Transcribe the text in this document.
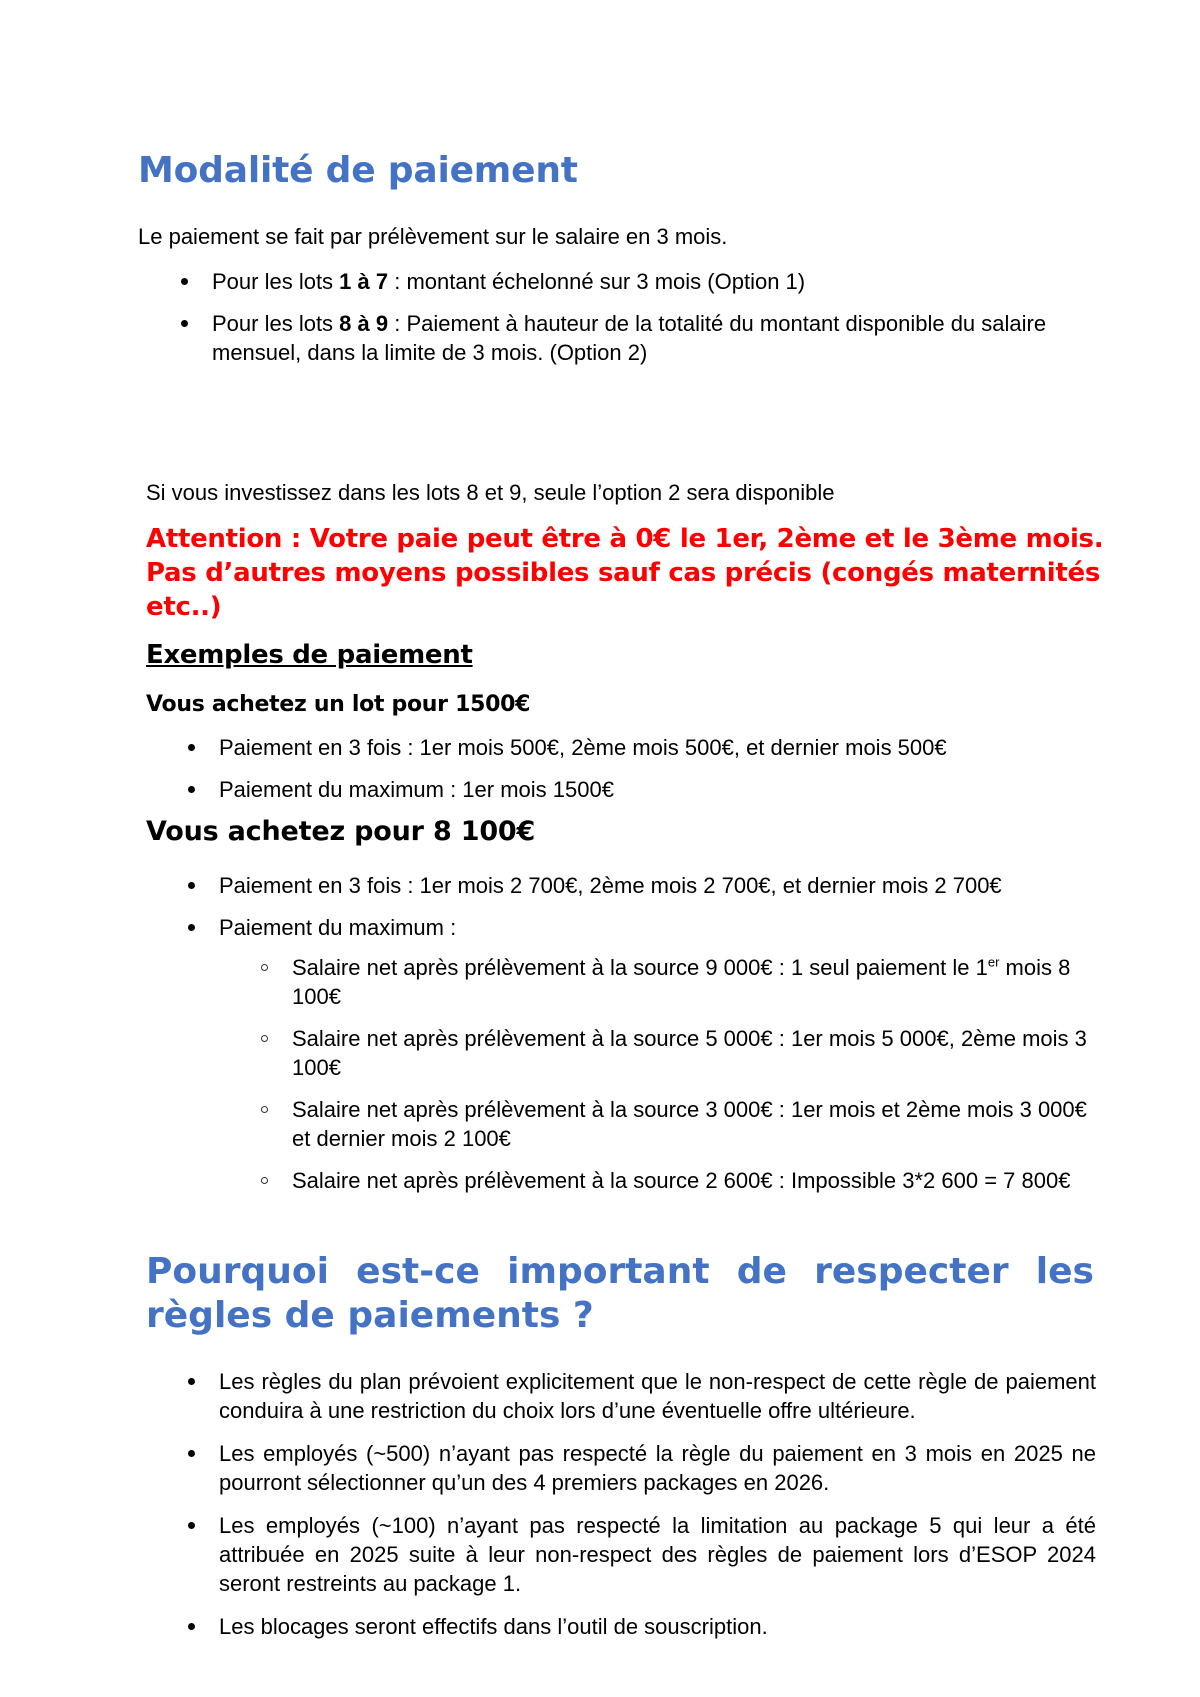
Modalité de paiement

Le paiement se fait par prélèvement sur le salaire en 3 mois.

Pour les lots 1 à 7 : montant échelonné sur 3 mois (Option 1)
Pour les lots 8 à 9 : Paiement à hauteur de la totalité du montant disponible du salaire mensuel, dans la limite de 3 mois. (Option 2)

Si vous investissez dans les lots 8 et 9, seule l’option 2 sera disponible

Attention : Votre paie peut être à 0€ le 1er, 2ème et le 3ème mois. Pas d’autres moyens possibles sauf cas précis (congés maternités etc..)

Exemples de paiement
Vous achetez un lot pour 1500€
Paiement en 3 fois : 1er mois 500€, 2ème mois 500€, et dernier mois 500€
Paiement du maximum : 1er mois 1500€
Vous achetez pour 8 100€
Paiement en 3 fois : 1er mois 2 700€, 2ème mois 2 700€, et dernier mois 2 700€
Paiement du maximum :
Salaire net après prélèvement à la source 9 000€ : 1 seul paiement le 1er mois 8 100€
Salaire net après prélèvement à la source 5 000€ : 1er mois 5 000€, 2ème mois 3 100€
Salaire net après prélèvement à la source 3 000€ : 1er mois et 2ème mois 3 000€ et dernier mois 2 100€
Salaire net après prélèvement à la source 2 600€ : Impossible 3*2 600 = 7 800€
Pourquoi est-ce important de respecter les règles de paiements ?
Les règles du plan prévoient explicitement que le non-respect de cette règle de paiement conduira à une restriction du choix lors d’une éventuelle offre ultérieure.
Les employés (~500) n’ayant pas respecté la règle du paiement en 3 mois en 2025 ne pourront sélectionner qu’un des 4 premiers packages en 2026.
Les employés (~100) n’ayant pas respecté la limitation au package 5 qui leur a été attribuée en 2025 suite à leur non-respect des règles de paiement lors d’ESOP 2024 seront restreints au package 1.
Les blocages seront effectifs dans l’outil de souscription.
